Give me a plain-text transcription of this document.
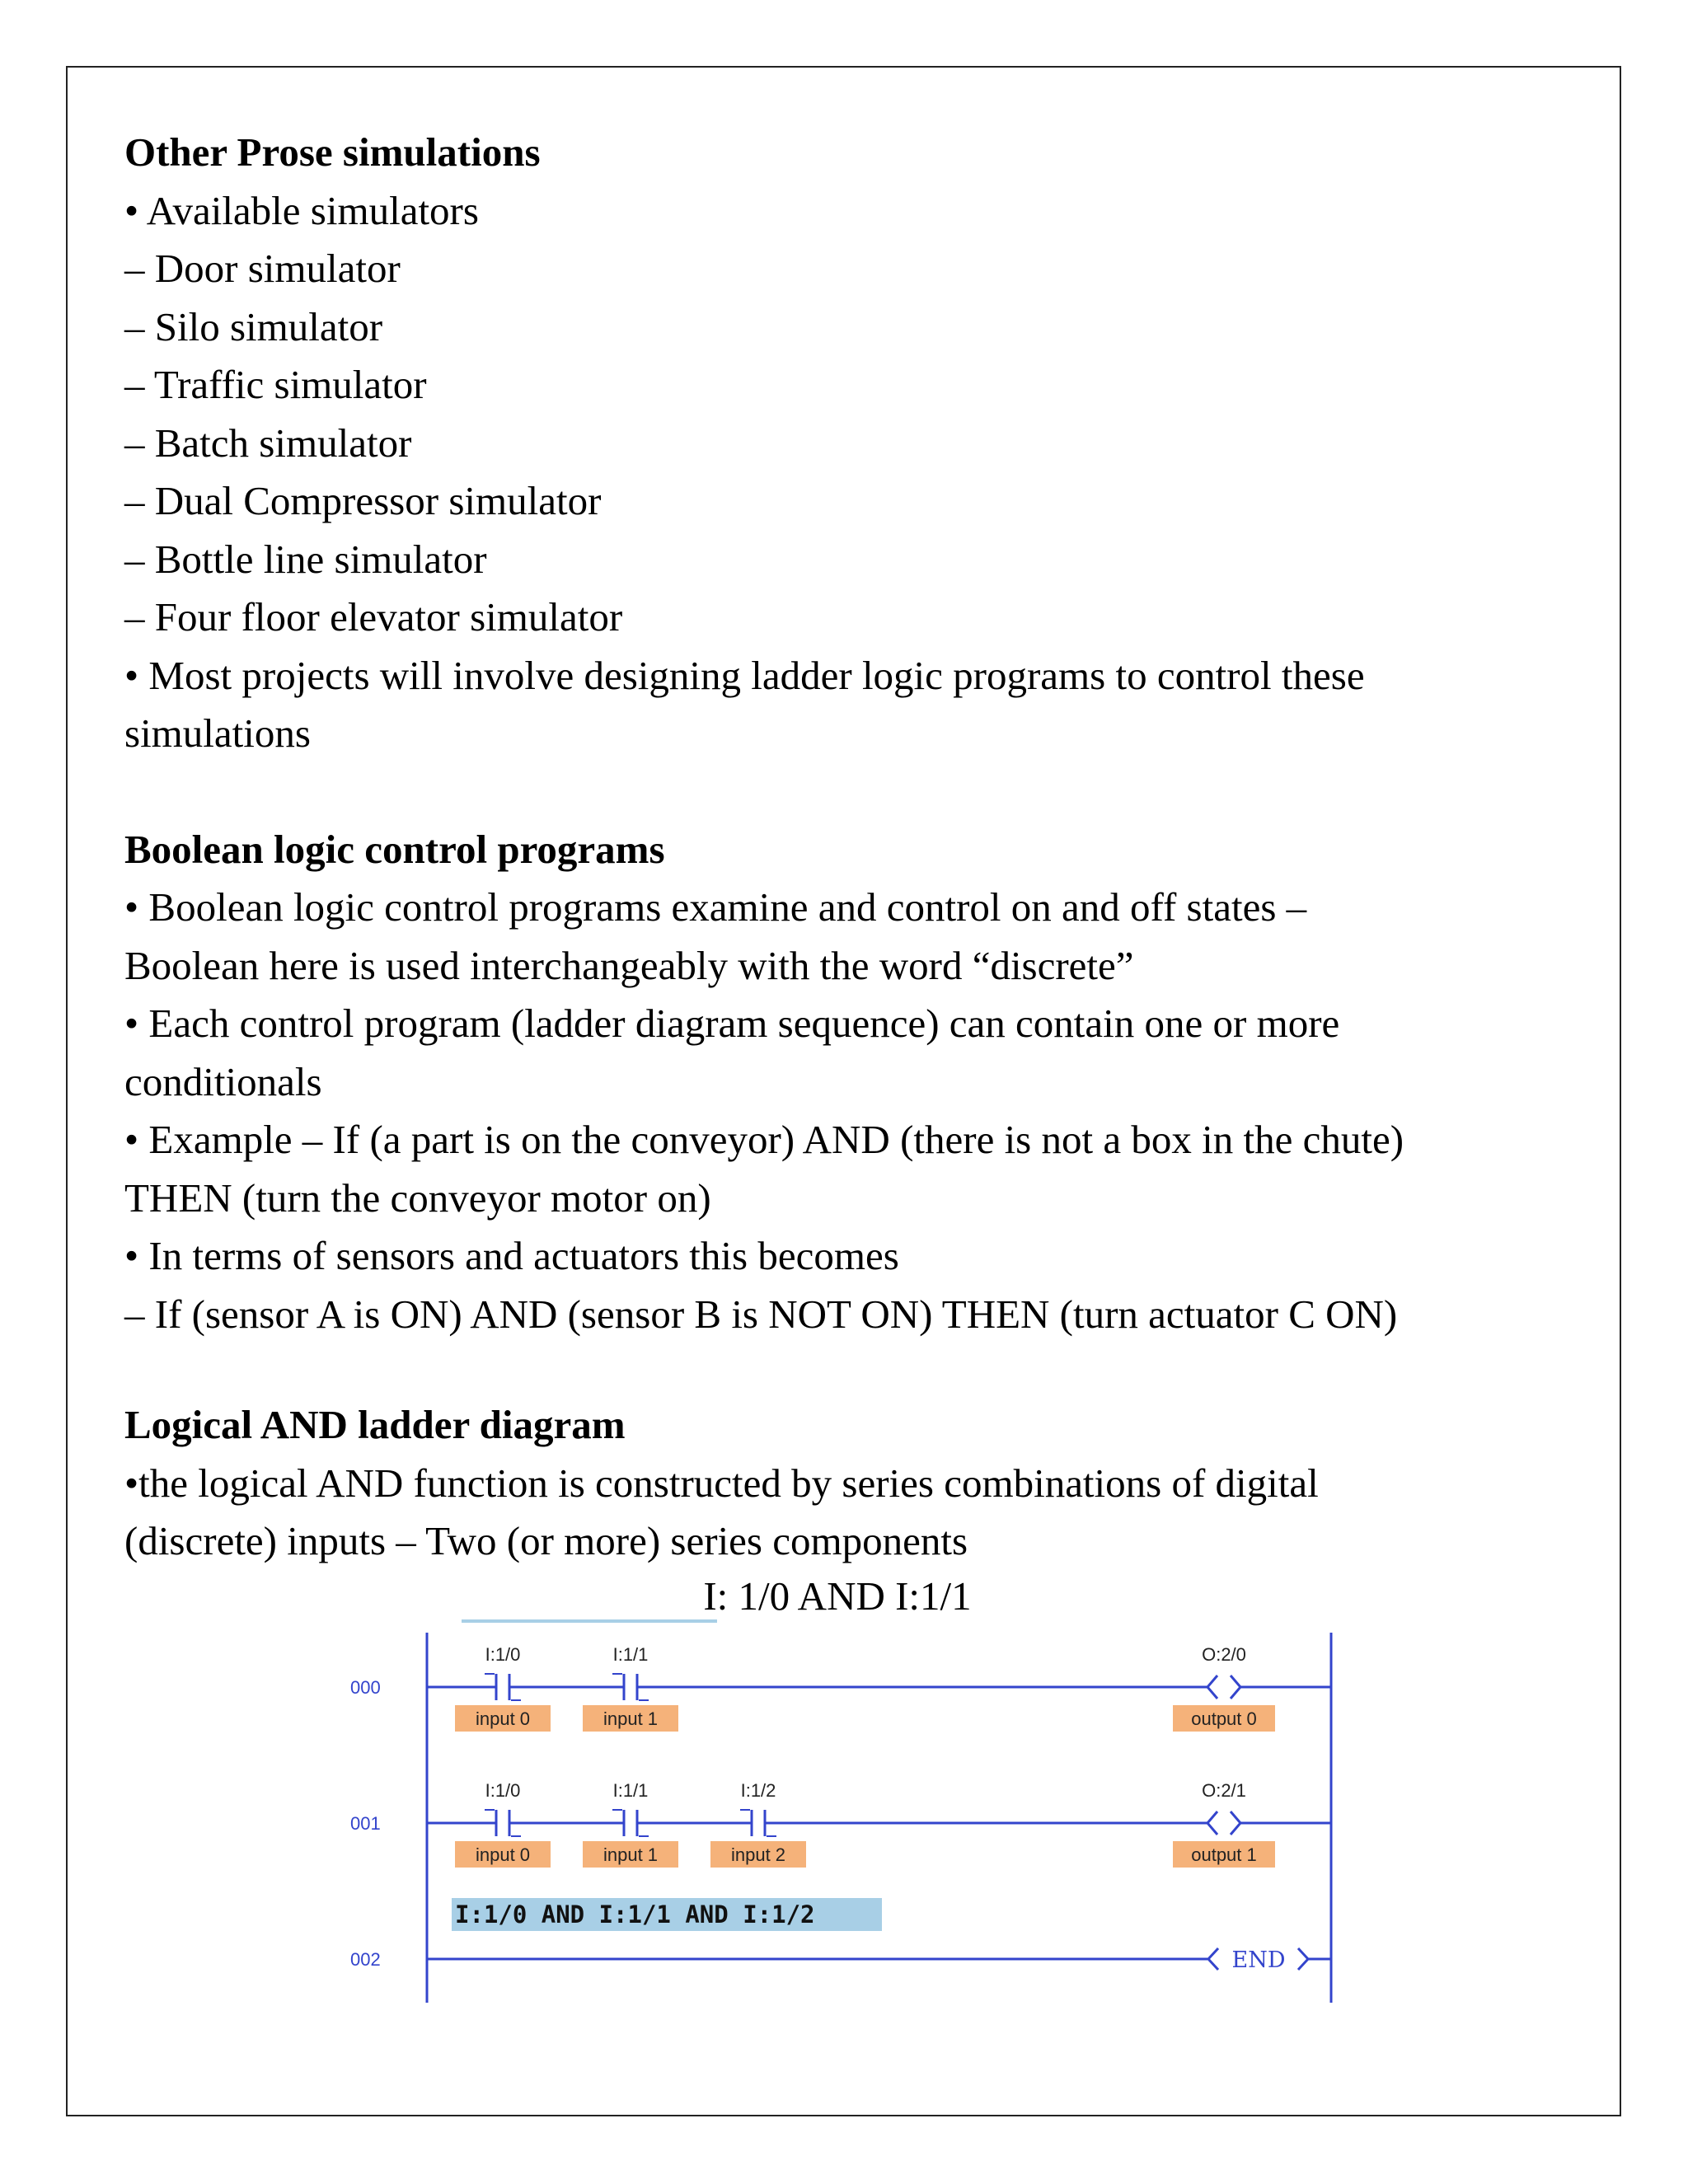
Other Prose simulations

• Available simulators

– Door simulator

– Silo simulator

– Traffic simulator

– Batch simulator

– Dual Compressor simulator

– Bottle line simulator

– Four floor elevator simulator

• Most projects will involve designing ladder logic programs to control these

simulations

Boolean logic control programs

• Boolean logic control programs examine and control on and off states –

Boolean here is used interchangeably with the word “discrete”

• Each control program (ladder diagram sequence) can contain one or more

conditionals

• Example – If (a part is on the conveyor) AND (there is not a box in the chute)

THEN (turn the conveyor motor on)

• In terms of sensors and actuators this becomes

– If (sensor A is ON) AND (sensor B is NOT ON) THEN (turn actuator C ON)

Logical AND ladder diagram

•the logical AND function is constructed by series combinations of digital

(discrete) inputs – Two (or more) series components

I: 1/0 AND I:1/1
000
I:1/0
input 0
I:1/1
input 1
O:2/0
output 0
001
I:1/0
input 0
I:1/1
input 1
I:1/2
input 2
O:2/1
output 1
I:1/0 AND I:1/1 AND I:1/2
002	END
